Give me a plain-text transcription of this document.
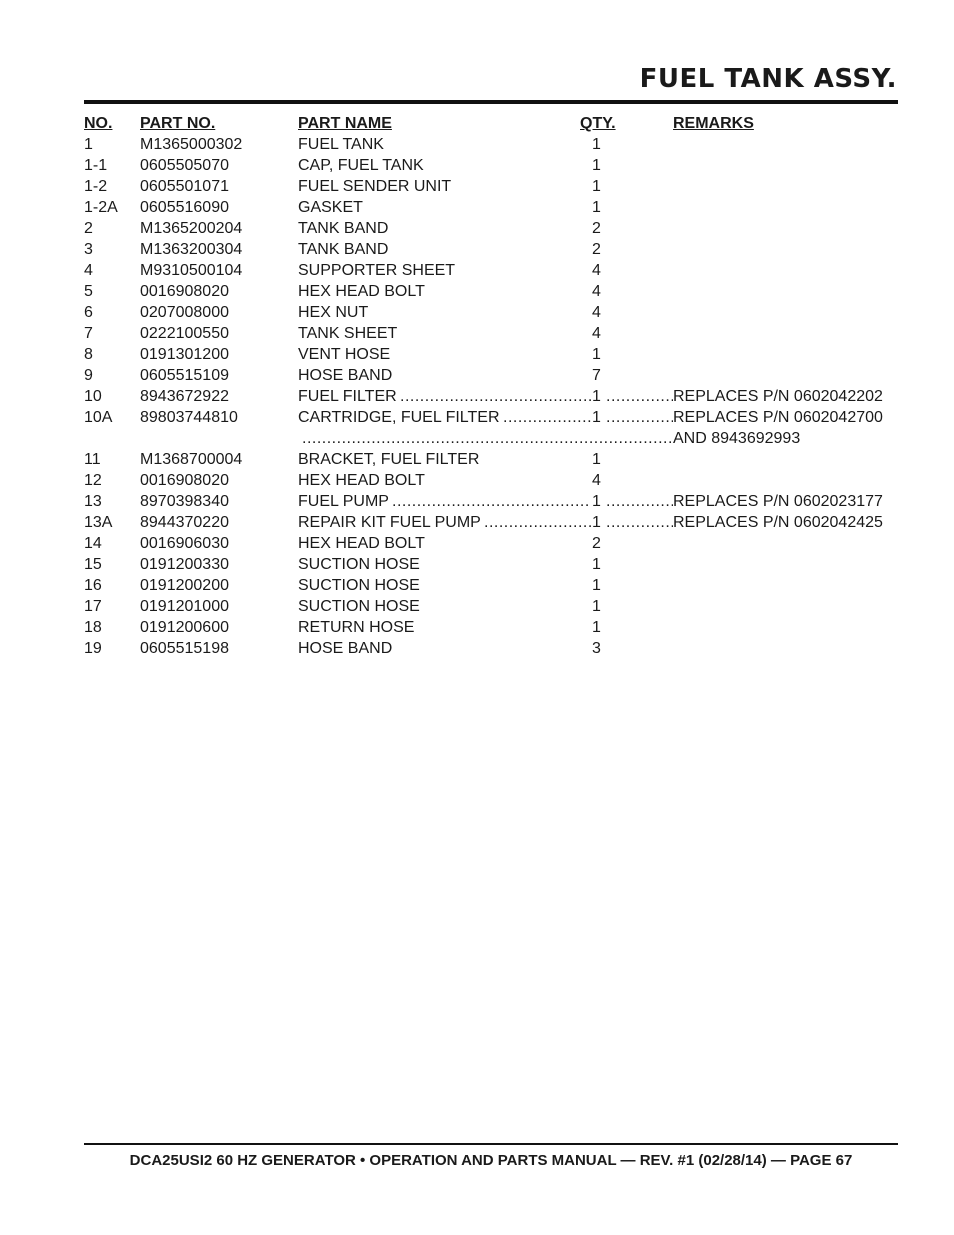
FUEL TANK ASSY.
NO. PART NO.	PART NAME	QTY.	REMARKS
1	M1365000302	FUEL TANK	1
1-1 0605505070	CAP, FUEL TANK	1
1-2 0605501071	FUEL SENDER UNIT	1
1-2A 0605516090	GASKET	1
2	M1365200204	TANK BAND	2
3	M1363200304	TANK BAND	2
4	M9310500104	SUPPORTER SHEET	4
5	0016908020	HEX HEAD BOLT	4
6	0207008000	HEX NUT	4
7	0222100550	TANK SHEET	4
8	0191301200	VENT HOSE	1
9	0605515109	HOSE BAND	7
10 8943672922	FUEL FILTER	1	REPLACES P/N 0602042202
.....
.....
10A 89803744810	CARTRIDGE, FUEL FILTER	1	REPLACES P/N 0602042700
.....
.....
AND 8943692993
.....
11 M1368700004	BRACKET, FUEL FILTER	1
12 0016908020	HEX HEAD BOLT	4
13 8970398340	FUEL PUMP	1	REPLACES P/N 0602023177
.....
.....
13A 8944370220	REPAIR KIT FUEL PUMP	1	REPLACES P/N 0602042425
.....
.....
14 0016906030	HEX HEAD BOLT	2
15 0191200330	SUCTION HOSE	1
16 0191200200	SUCTION HOSE	1
17 0191201000	SUCTION HOSE	1
18 0191200600	RETURN HOSE	1
19 0605515198	HOSE BAND	3
DCA25USI2 60 HZ GENERATOR • OPERATION AND PARTS MANUAL — REV. #1 (02/28/14) — PAGE 67
